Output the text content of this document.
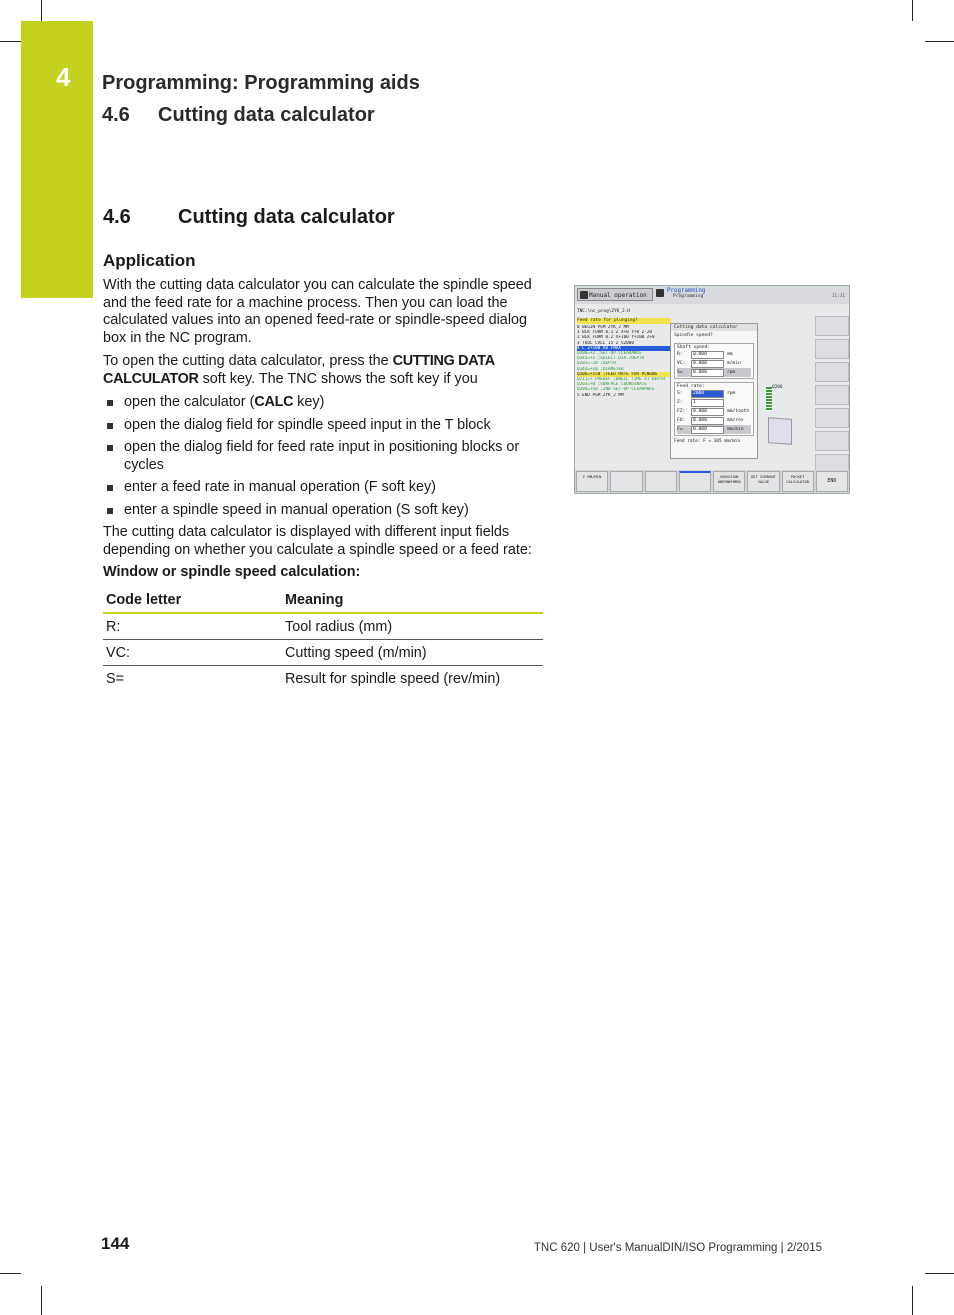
4 Programming: Programming aids
4.6 Cutting data calculator
4.6 Cutting data calculator
Application

With the cutting data calculator you can calculate the spindle speed and the feed rate for a machine process. Then you can load the calculated values into an opened feed-rate or spindle-speed dialog box in the NC program.

To open the cutting data calculator, press the CUTTING DATA CALCULATOR soft key. The TNC shows the soft key if you

open the calculator (CALC key)
open the dialog field for spindle speed input in the T block
open the dialog field for feed rate input in positioning blocks or cycles
enter a feed rate in manual operation (F soft key)
enter a spindle speed in manual operation (S soft key)

The cutting data calculator is displayed with different input fields depending on whether you calculate a spindle speed or a feed rate:

Window or spindle speed calculation:
Code letter	Meaning
R:	Tool radius (mm)
VC:	Cutting speed (m/min)
S=	Result for spindle speed (rev/min)
Manual operation
Programming
Programming	11:31
TNC:\nc_prog\ZYK_2.H
Feed rate for plunging?
0 BEGIN PGM ZYK_2 MM
1 BLK FORM 0.1 Z X+0 Y+0 Z-20
2 BLK FORM 0.2 X+100 Y+100 Z+0
3 TOOL CALL 15 Z S2000
4 L Z+100 R0 FMAX
Q200=+2 ;SET-UP CLEARANCE
Q343=+1 ;SELECT DIA./DEPTH
Q201=-20 ;DEPTH
Q344=+10 ;DIAMETER
Q206=+150 ;FEED RATE FOR PLNGNG
Q211=+ PREDEF ;DWELL TIME AT DEPTH
Q203=+0 ;SURFACE COORDINATE
Q204=+50 ;2ND SET-UP CLEARANCE
5 END PGM ZYK_2 MM
Cutting data calculator
Spindle speed?
Shaft speed:
R:	0.000	mm
VC:	0.000	m/min
S=	0.000	rpm
Feed rate:
S:	2000	rpm
Z:	1
FZ:	0.000	mm/tooth
FU:	0.000	mm/rev
F=	0.000	mm/min
Feed rate: F = 105 mm/min
Q206
F MM/MIN	VORSCHUB ÜBERNEHMEN
GET CURRENT VALUE
POCKET CALCULATOR	END
144	TNC 620 | User's ManualDIN/ISO Programming | 2/2015
